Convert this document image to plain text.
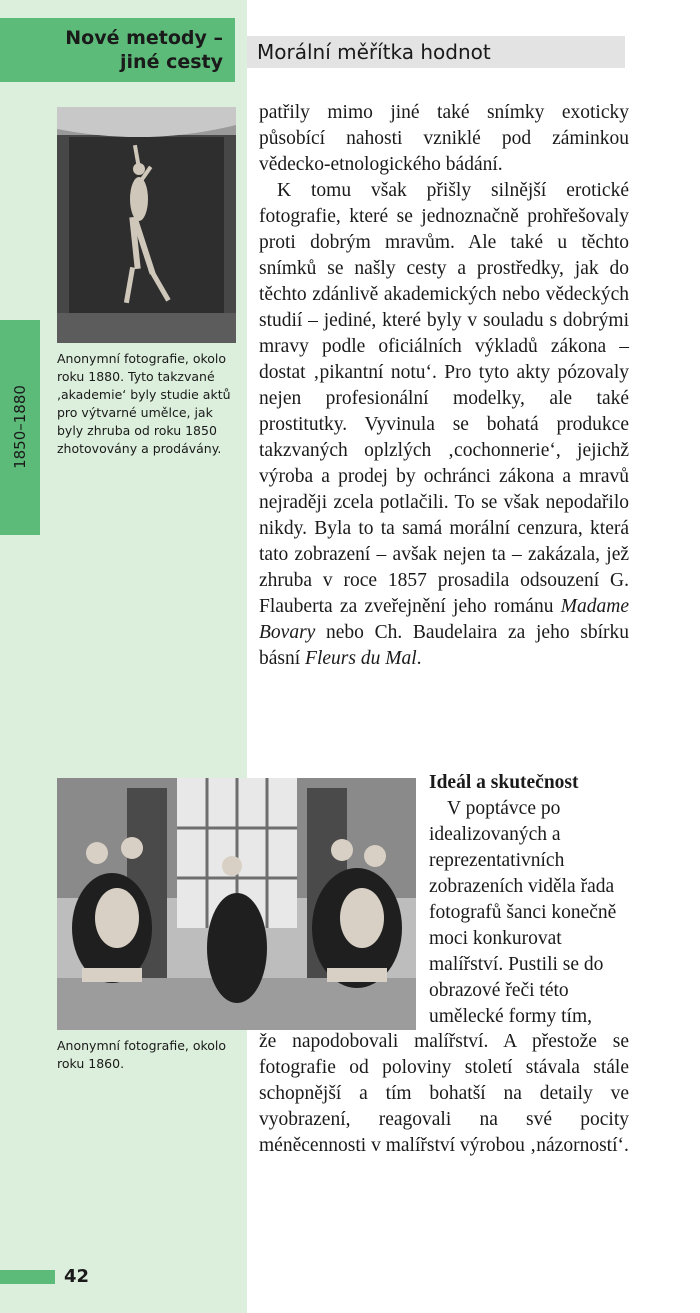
Nové metody –
jiné cesty	Morální měřítka hodnot
1850–1880
Anonymní fotografie, okolo roku 1880. Tyto takzvané ‚akademie‘ byly studie aktů pro výtvarné umělce, jak byly zhruba od roku 1850 zhotovovány a prodávány.

patřily mimo jiné také snímky exoticky působící nahosti vzniklé pod záminkou vědecko-etnologického bádání.

K tomu však přišly silnější erotické fotografie, které se jednoznačně prohřešovaly proti dobrým mravům. Ale také u těchto snímků se našly cesty a prostředky, jak do těchto zdánlivě akademických nebo vědeckých studií – jediné, které byly v souladu s dobrými mravy podle oficiálních výkladů zákona – dostat ‚pikantní notu‘. Pro tyto akty pózovaly nejen profesionální modelky, ale také prostitutky. Vyvinula se bohatá produkce takzvaných oplzlých ‚cochonnerie‘, jejichž výroba a prodej by ochránci zákona a mravů nejraději zcela potlačili. To se však nepodařilo nikdy. Byla to ta samá morální cenzura, která tato zobrazení – avšak nejen ta – zakázala, jež zhruba v roce 1857 prosadila odsouzení G. Flauberta za zveřejnění jeho románu Madame Bovary nebo Ch. Baudelaira za jeho sbírku básní Fleurs du Mal.

Anonymní fotografie, okolo roku 1860.

Ideál a skutečnost

V poptávce po idealizovaných a reprezentativních zobrazeních viděla řada fotografů šanci konečně moci konkurovat malířství. Pustili se do obrazové řeči této umělecké formy tím,

že napodobovali malířství. A přestože se fotografie od poloviny století stávala stále schopnější a tím bohatší na detaily ve vyobrazení, reagovali na své pocity méněcennosti v malířství výrobou ‚názorností‘.

42
